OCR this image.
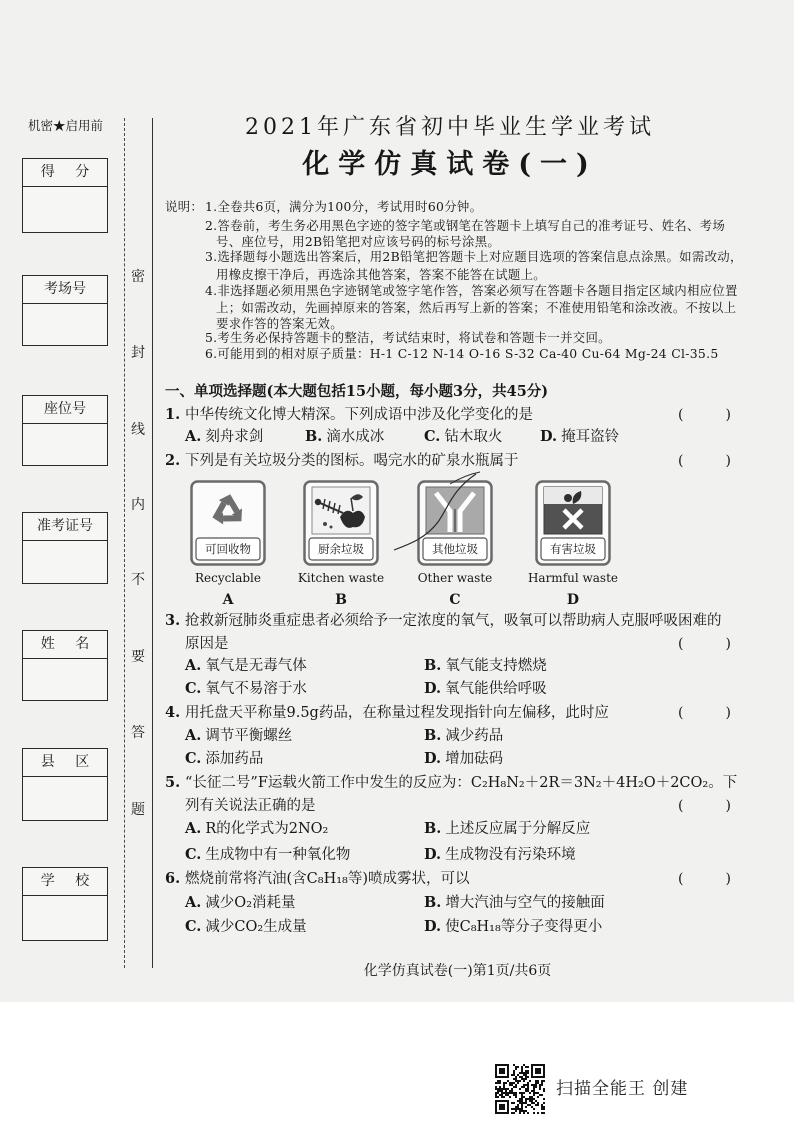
机密★启用前	2021年广东省初中毕业生学业考试
化学仿真试卷(一)
得 分
考场号
座位号
准考证号
姓 名
县 区
学 校
密
封
线
内
不
要
答
题
说明： 1.全卷共6页，满分为100分，考试用时60分钟。
2.答卷前，考生务必用黑色字迹的签字笔或钢笔在答题卡上填写自己的准考证号、姓名、考场
号、座位号，用2B铅笔把对应该号码的标号涂黑。
3.选择题每小题选出答案后，用2B铅笔把答题卡上对应题目选项的答案信息点涂黑。如需改动，
用橡皮擦干净后，再选涂其他答案，答案不能答在试题上。
4.非选择题必须用黑色字迹钢笔或签字笔作答，答案必须写在答题卡各题目指定区域内相应位置
上；如需改动，先画掉原来的答案，然后再写上新的答案；不准使用铅笔和涂改液。不按以上
要求作答的答案无效。
5.考生务必保持答题卡的整洁，考试结束时，将试卷和答题卡一并交回。
6.可能用到的相对原子质量：H-1 C-12 N-14 O-16 S-32 Ca-40 Cu-64 Mg-24 Cl-35.5
一、单项选择题(本大题包括15小题，每小题3分，共45分)
1. 中华传统文化博大精深。下列成语中涉及化学变化的是	(　　　)
A. 刻舟求剑	B. 滴水成冰	C. 钻木取火	D. 掩耳盗铃
2. 下列是有关垃圾分类的图标。喝完水的矿泉水瓶属于	(　　　)
可回收物	厨余垃圾	其他垃圾	有害垃圾
Recyclable	Kitchen waste	Other waste	Harmful waste
A	B	C	D
3. 抢救新冠肺炎重症患者必须给予一定浓度的氧气，吸氧可以帮助病人克服呼吸困难的
原因是	(　　　)
A. 氧气是无毒气体	B. 氧气能支持燃烧
C. 氧气不易溶于水	D. 氧气能供给呼吸
4. 用托盘天平称量9.5g药品，在称量过程发现指针向左偏移，此时应	(　　　)
A. 调节平衡螺丝	B. 减少药品
C. 添加药品	D. 增加砝码
5. “长征二号”F运载火箭工作中发生的反应为：C₂H₈N₂＋2R＝3N₂＋4H₂O＋2CO₂。下
列有关说法正确的是	(　　　)
A. R的化学式为2NO₂	B. 上述反应属于分解反应
C. 生成物中有一种氧化物	D. 生成物没有污染环境
6. 燃烧前常将汽油(含C₈H₁₈等)喷成雾状，可以	(　　　)
A. 减少O₂消耗量	B. 增大汽油与空气的接触面
C. 减少CO₂生成量	D. 使C₈H₁₈等分子变得更小
化学仿真试卷(一)第1页/共6页
扫描全能王 创建
